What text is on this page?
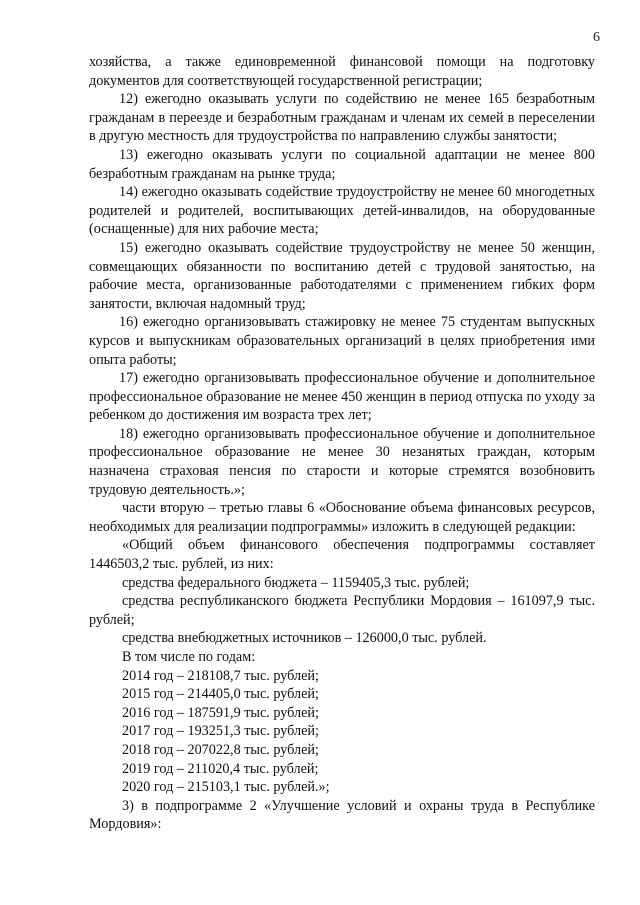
6

хозяйства, а также единовременной финансовой помощи на подготовку документов для соответствующей государственной регистрации;

12) ежегодно оказывать услуги по содействию не менее 165 безработным гражданам в переезде и безработным гражданам и членам их семей в переселении в другую местность для трудоустройства по направлению службы занятости;

13) ежегодно оказывать услуги по социальной адаптации не менее 800 безработным гражданам на рынке труда;

14) ежегодно оказывать содействие трудоустройству не менее 60 многодетных родителей и родителей, воспитывающих детей-инвалидов, на оборудованные (оснащенные) для них рабочие места;

15) ежегодно оказывать содействие трудоустройству не менее 50 женщин, совмещающих обязанности по воспитанию детей с трудовой занятостью, на рабочие места, организованные работодателями с применением гибких форм занятости, включая надомный труд;

16) ежегодно организовывать стажировку не менее 75 студентам выпускных курсов и выпускникам образовательных организаций в целях приобретения ими опыта работы;

17) ежегодно организовывать профессиональное обучение и дополнительное профессиональное образование не менее 450 женщин в период отпуска по уходу за ребенком до достижения им возраста трех лет;

18) ежегодно организовывать профессиональное обучение и дополнительное профессиональное образование не менее 30 незанятых граждан, которым назначена страховая пенсия по старости и которые стремятся возобновить трудовую деятельность.»;

части вторую – третью главы 6 «Обоснование объема финансовых ресурсов, необходимых для реализации подпрограммы» изложить в следующей редакции:

«Общий объем финансового обеспечения подпрограммы составляет 1446503,2 тыс. рублей, из них:

средства федерального бюджета – 1159405,3 тыс. рублей;

средства республиканского бюджета Республики Мордовия – 161097,9 тыс. рублей;

средства внебюджетных источников – 126000,0 тыс. рублей.

В том числе по годам:

2014 год – 218108,7 тыс. рублей;

2015 год – 214405,0 тыс. рублей;

2016 год – 187591,9 тыс. рублей;

2017 год – 193251,3 тыс. рублей;

2018 год – 207022,8 тыс. рублей;

2019 год – 211020,4 тыс. рублей;

2020 год – 215103,1 тыс. рублей.»;

3) в подпрограмме 2 «Улучшение условий и охраны труда в Республике Мордовия»:
